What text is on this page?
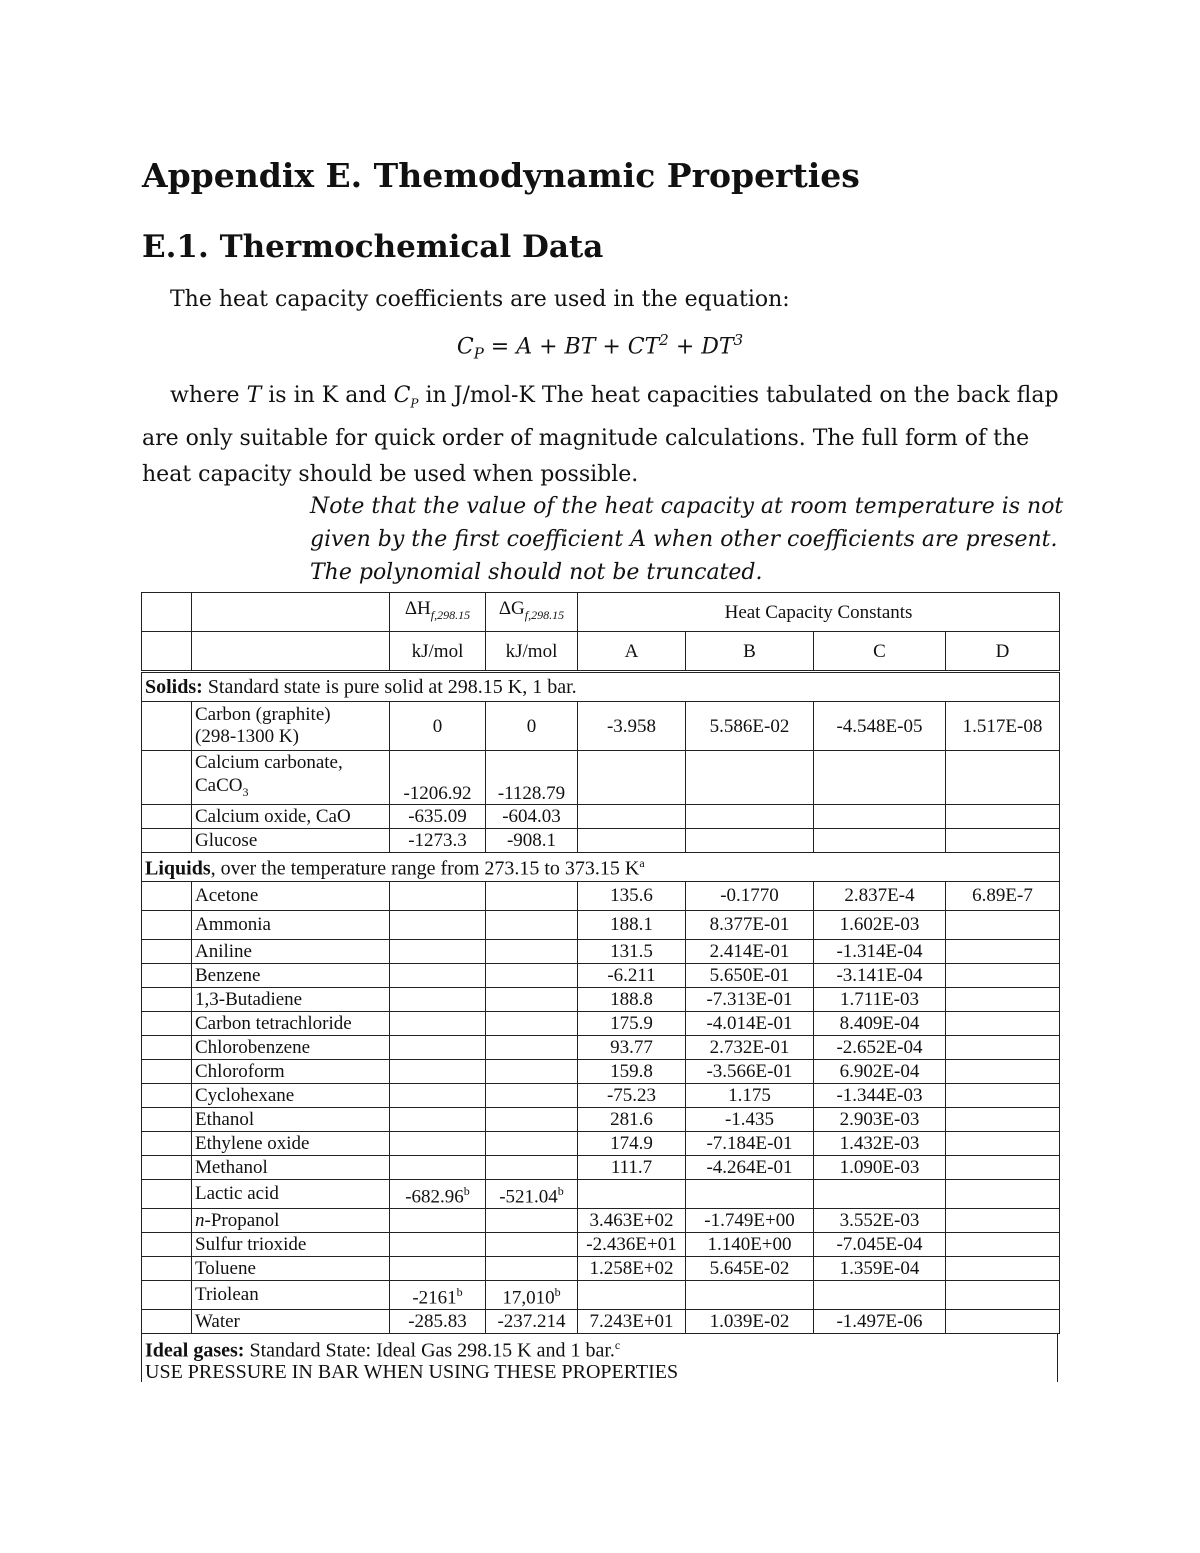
Appendix E. Themodynamic Properties
E.1. Thermochemical Data
The heat capacity coefficients are used in the equation:
$C_P = A$ + BT + $CT^2 + DT^3$
where T is in K and $C_P$ in J/mol-K The heat capacities tabulated on the back flap are only suitable for quick order of magnitude calculations. The full form of the heat capacity should be used when possible.
Note that the value of the heat capacity at room temperature is not given by the first coefficient A when other coefficients are present. The polynomial should not be truncated.
		$\Delta H_{f,298.15}$	$\Delta G_{f,298.15}$	Heat Capacity Constants			
		kJ/mol	kJ/mol	A	B	C	D
Solids: Standard state is pure solid at 298.15 K, 1 bar.							
	Carbon (graphite)
(298-1300 K)	0	0	-3.958	5.586E-02	-4.548E-05	1.517E-08
	Calcium carbonate,
CaCO$_3$	-1206.92	-1128.79				
	Calcium oxide, CaO	-635.09	-604.03				
	Glucose	-1273.3	-908.1				
Liquids, over the temperature range from 273.15 to 373.15 $K^a$
	Acetone			135.6	-0.1770	2.837E-4	6.89E-7
	Ammonia			188.1	8.377E-01	1.602E-03	
	Aniline			131.5	2.414E-01	-1.314E-04	
	Benzene			-6.211	5.650E-01	-3.141E-04	
	1,3-Butadiene			188.8	-7.313E-01	1.711E-03	
	Carbon tetrachloride			175.9	-4.014E-01	8.409E-04	
	Chlorobenzene			93.77	2.732E-01	-2.652E-04	
	Chloroform			159.8	-3.566E-01	6.902E-04	
	Cyclohexane			-75.23	1.175	-1.344E-03	
	Ethanol			281.6	-1.435	2.903E-03	
	Ethylene oxide			174.9	-7.184E-01	1.432E-03	
	Methanol			111.7	-4.264E-01	1.090E-03	
	Lactic acid	-682.96$^b$	-521.04$^b$				
	n-Propanol			3.463E+02	-1.749E+00	3.552E-03	
	Sulfur trioxide			-2.436E+01	1.140E+00	-7.045E-04	
	Toluene			1.258E+02	5.645E-02	1.359E-04	
	Triolean	-2161$^b$	17,010$^b$				
	Water	-285.83	-237.214	7.243E+01	1.039E-02	-1.497E-06	
Ideal gases: Standard State: Ideal Gas 298.15 K and 1 bar.$^c$
USE PRESSURE IN BAR WHEN USING THESE PROPERTIES
